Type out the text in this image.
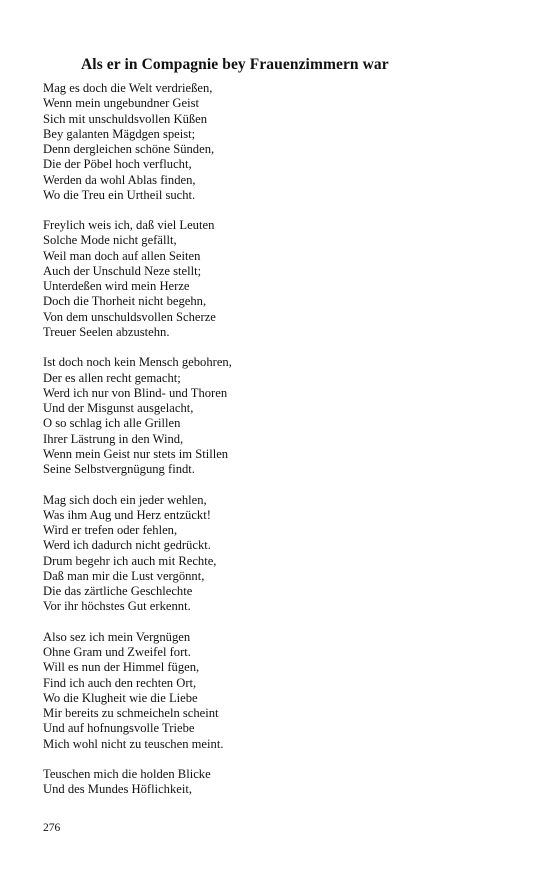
Als er in Compagnie bey Frauenzimmern war
Mag es doch die Welt verdrießen,
Wenn mein ungebundner Geist
Sich mit unschuldsvollen Küßen
Bey galanten Mägdgen speist;
Denn dergleichen schöne Sünden,
Die der Pöbel hoch verflucht,
Werden da wohl Ablas finden,
Wo die Treu ein Urtheil sucht.
Freylich weis ich, daß viel Leuten
Solche Mode nicht gefällt,
Weil man doch auf allen Seiten
Auch der Unschuld Neze stellt;
Unterdeßen wird mein Herze
Doch die Thorheit nicht begehn,
Von dem unschuldsvollen Scherze
Treuer Seelen abzustehn.
Ist doch noch kein Mensch gebohren,
Der es allen recht gemacht;
Werd ich nur von Blind- und Thoren
Und der Misgunst ausgelacht,
O so schlag ich alle Grillen
Ihrer Lästrung in den Wind,
Wenn mein Geist nur stets im Stillen
Seine Selbstvergnügung findt.
Mag sich doch ein jeder wehlen,
Was ihm Aug und Herz entzückt!
Wird er trefen oder fehlen,
Werd ich dadurch nicht gedrückt.
Drum begehr ich auch mit Rechte,
Daß man mir die Lust vergönnt,
Die das zärtliche Geschlechte
Vor ihr höchstes Gut erkennt.
Also sez ich mein Vergnügen
Ohne Gram und Zweifel fort.
Will es nun der Himmel fügen,
Find ich auch den rechten Ort,
Wo die Klugheit wie die Liebe
Mir bereits zu schmeicheln scheint
Und auf hofnungsvolle Triebe
Mich wohl nicht zu teuschen meint.
Teuschen mich die holden Blicke
Und des Mundes Höflichkeit,
276
